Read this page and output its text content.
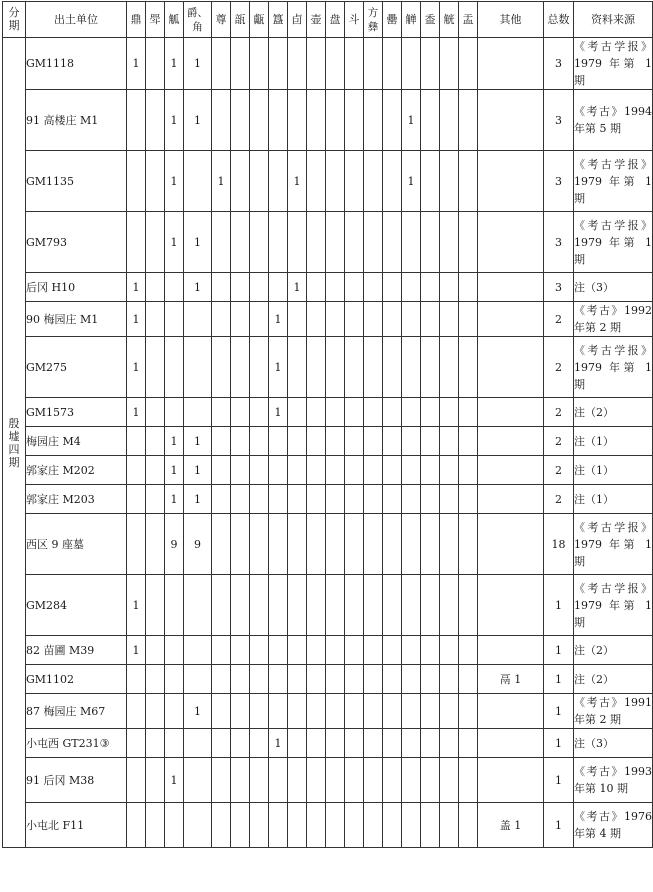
分期	出土单位	鼎	斝	觚	爵、角	尊	瓿	甗	簋	卣	壶	盘	斗	方彝	罍	觯	盉	觥	盂	其他	总数	资料来源
殷墟四期	GM1118	1		1	1																3	《考古学报》1979 年第 1 期
	91 高楼庄 M1			1	1											1					3	《考古》1994 年第 5 期
	GM1135			1		1				1						1					3	《考古学报》1979 年第 1 期
	GM793			1	1																3	《考古学报》1979 年第 1 期
	后冈 H10	1			1					1											3	注（3）
	90 梅园庄 M1	1							1												2	《考古》1992 年第 2 期
	GM275	1							1												2	《考古学报》1979 年第 1 期
	GM1573	1							1												2	注（2）
	梅园庄 M4			1	1																2	注（1）
	郭家庄 M202			1	1																2	注（1）
	郭家庄 M203			1	1																2	注（1）
	西区 9 座墓			9	9																18	《考古学报》1979 年第 1 期
	GM284	1																			1	《考古学报》1979 年第 1 期
	82 苗圃 M39	1																			1	注（2）
	GM1102																			鬲 1	1	注（2）
	87 梅园庄 M67				1																1	《考古》1991 年第 2 期
	小屯西 GT231③								1												1	注（3）
	91 后冈 M38			1																	1	《考古》1993 年第 10 期
	小屯北 F11																			盖 1	1	《考古》1976 年第 4 期
